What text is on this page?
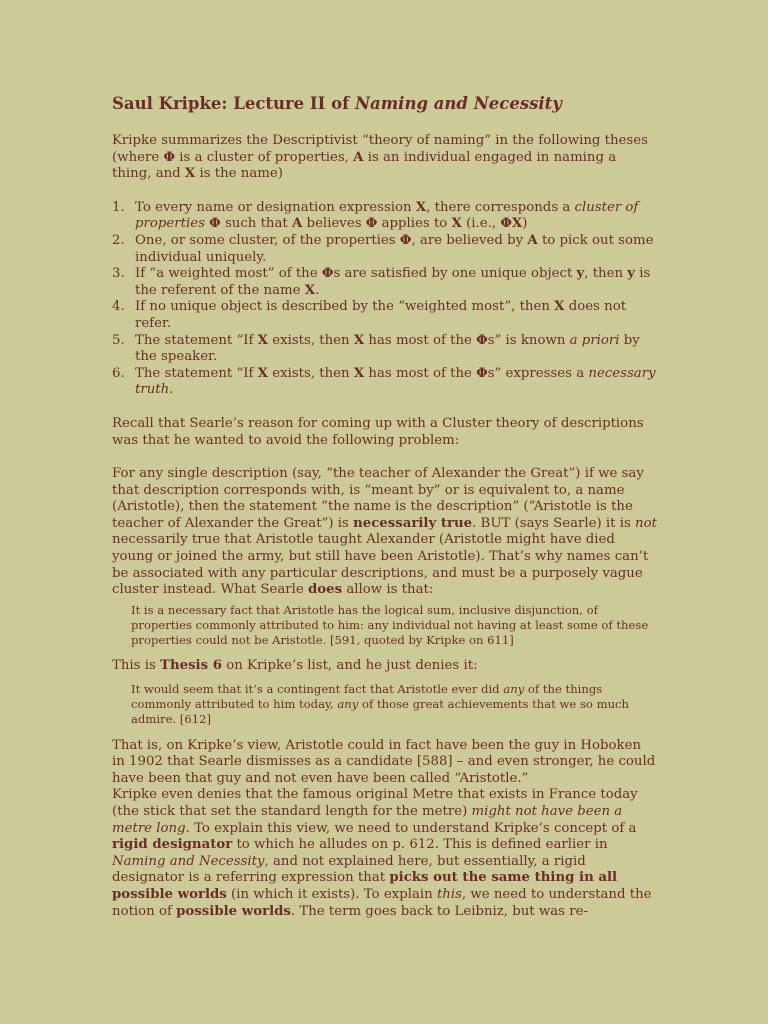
Saul Kripke: Lecture II of Naming and Necessity

Kripke summarizes the Descriptivist “theory of naming” in the following theses (where Φ is a cluster of properties, A is an individual engaged in naming a thing, and X is the name)

1. To every name or designation expression X, there corresponds a cluster of properties Φ such that A believes Φ applies to X (i.e., ΦX)
2. One, or some cluster, of the properties Φ, are believed by A to pick out some individual uniquely.
3. If “a weighted most” of the Φs are satisfied by one unique object y, then y is the referent of the name X.
4. If no unique object is described by the “weighted most”, then X does not refer.
5. The statement “If X exists, then X has most of the Φs” is known a priori by the speaker.
6. The statement “If X exists, then X has most of the Φs” expresses a necessary truth.

Recall that Searle’s reason for coming up with a Cluster theory of descriptions was that he wanted to avoid the following problem:

For any single description (say, “the teacher of Alexander the Great”) if we say that description corresponds with, is “meant by” or is equivalent to, a name (Aristotle), then the statement “the name is the description” (“Aristotle is the teacher of Alexander the Great”) is necessarily true. BUT (says Searle) it is not necessarily true that Aristotle taught Alexander (Aristotle might have died young or joined the army, but still have been Aristotle). That’s why names can’t be associated with any particular descriptions, and must be a purposely vague cluster instead. What Searle does allow is that:

It is a necessary fact that Aristotle has the logical sum, inclusive disjunction, of properties commonly attributed to him: any individual not having at least some of these properties could not be Aristotle. [591, quoted by Kripke on 611]

This is Thesis 6 on Kripke’s list, and he just denies it:

It would seem that it’s a contingent fact that Aristotle ever did any of the things commonly attributed to him today, any of those great achievements that we so much admire. [612]

That is, on Kripke’s view, Aristotle could in fact have been the guy in Hoboken in 1902 that Searle dismisses as a candidate [588] – and even stronger, he could have been that guy and not even have been called “Aristotle.”

Kripke even denies that the famous original Metre that exists in France today (the stick that set the standard length for the metre) might not have been a metre long. To explain this view, we need to understand Kripke’s concept of a rigid designator to which he alludes on p. 612. This is defined earlier in Naming and Necessity, and not explained here, but essentially, a rigid designator is a referring expression that picks out the same thing in all possible worlds (in which it exists). To explain this, we need to understand the notion of possible worlds. The term goes back to Leibniz, but was re-
